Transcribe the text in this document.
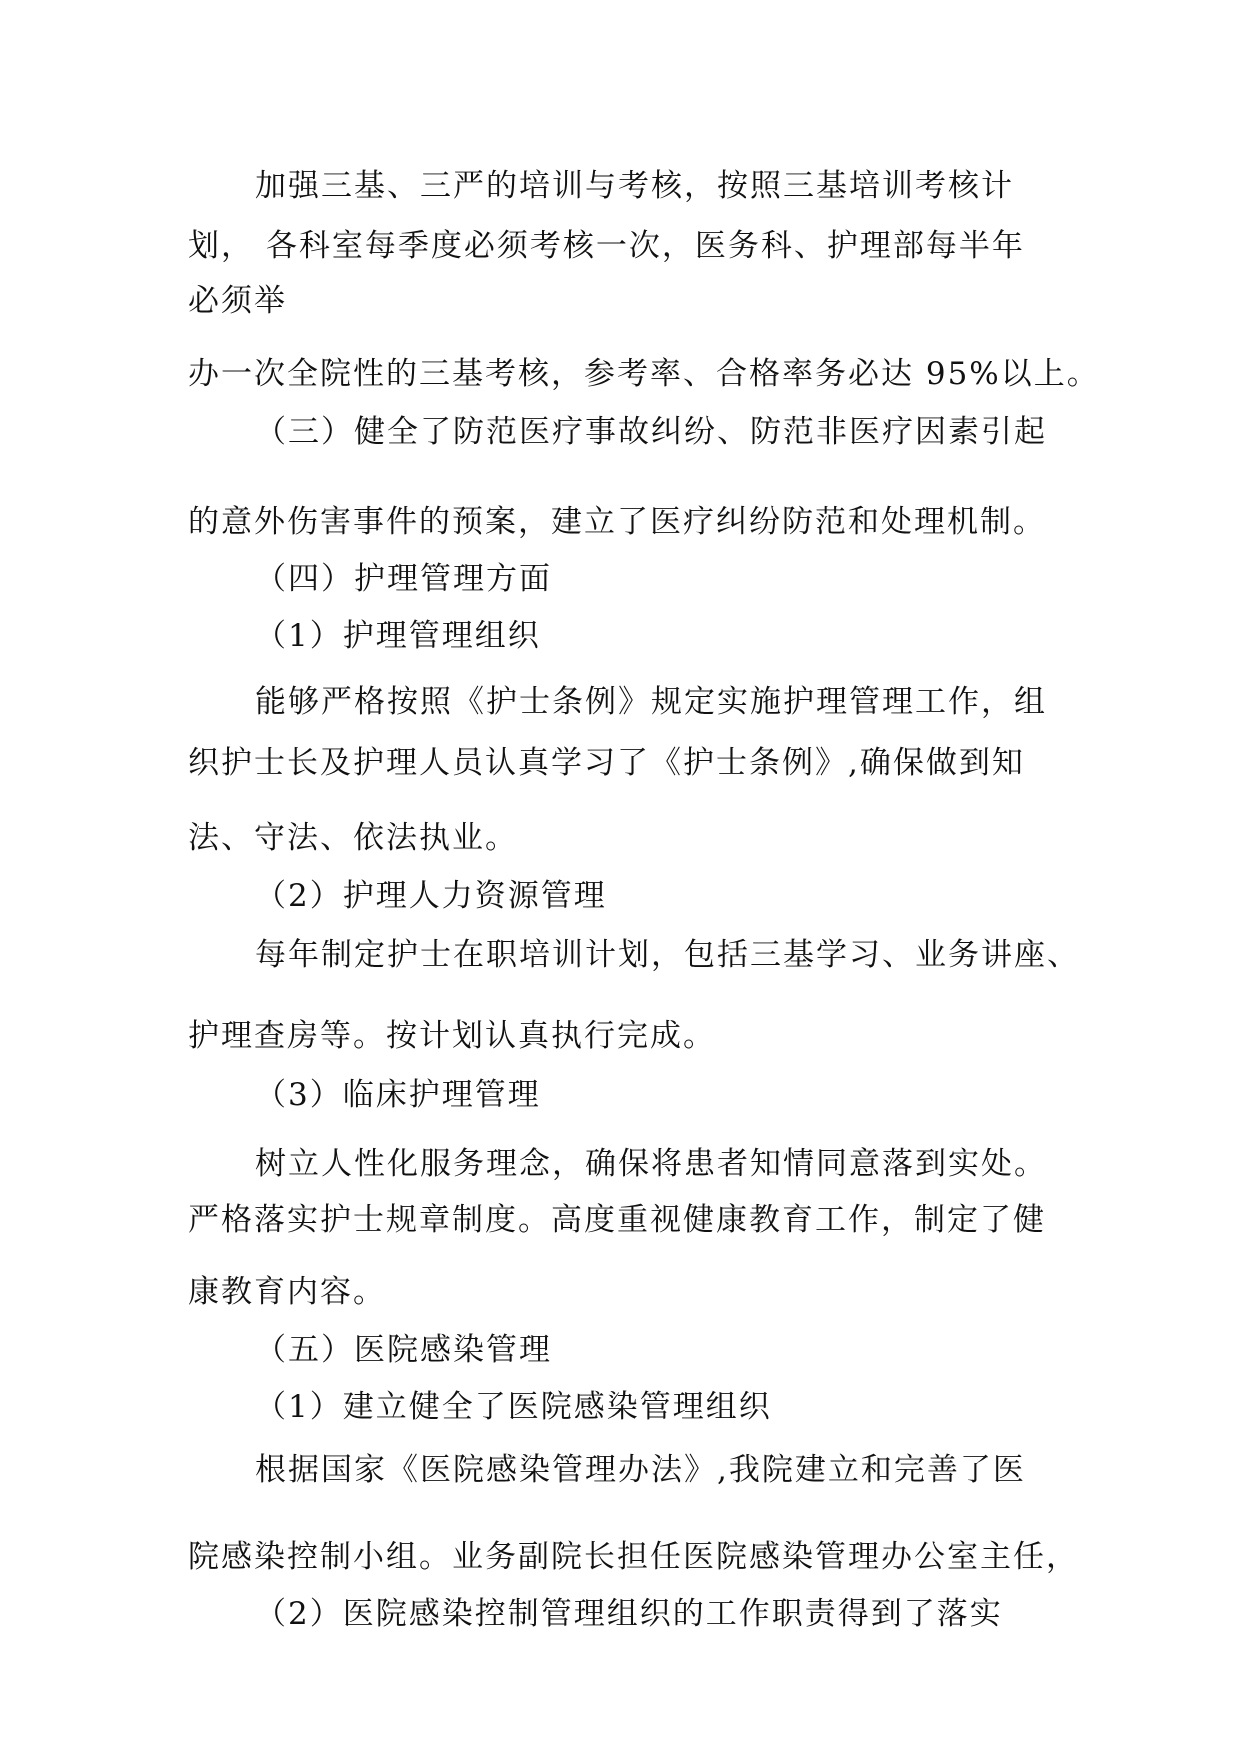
加强三基、三严的培训与考核，按照三基培训考核计
划， 各科室每季度必须考核一次，医务科、护理部每半年
必须举
办一次全院性的三基考核，参考率、合格率务必达 95%以上。
（三）健全了防范医疗事故纠纷、防范非医疗因素引起
的意外伤害事件的预案，建立了医疗纠纷防范和处理机制。
（四）护理管理方面
（1）护理管理组织
能够严格按照《护士条例》规定实施护理管理工作，组
织护士长及护理人员认真学习了《护士条例》,确保做到知
法、守法、依法执业。
（2）护理人力资源管理
每年制定护士在职培训计划，包括三基学习、业务讲座、
护理查房等。按计划认真执行完成。
（3）临床护理管理
树立人性化服务理念，确保将患者知情同意落到实处。
严格落实护士规章制度。高度重视健康教育工作，制定了健
康教育内容。
（五）医院感染管理
（1）建立健全了医院感染管理组织
根据国家《医院感染管理办法》,我院建立和完善了医
院感染控制小组。业务副院长担任医院感染管理办公室主任，
（2）医院感染控制管理组织的工作职责得到了落实
